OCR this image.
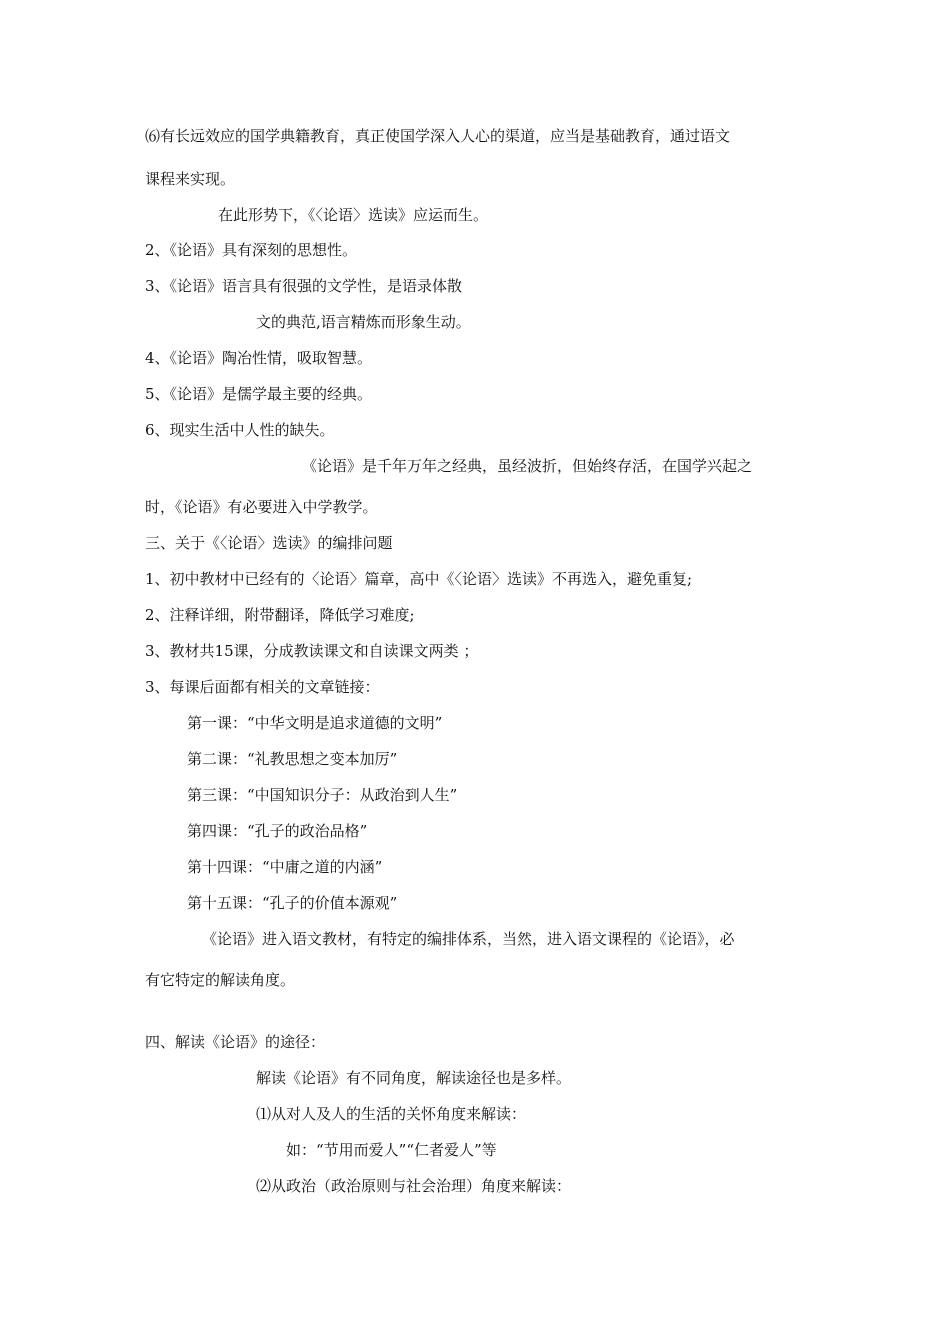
⑹有长远效应的国学典籍教育，真正使国学深入人心的渠道，应当是基础教育，通过语文
课程来实现。
在此形势下，《〈论语〉选读》应运而生。
2、《论语》具有深刻的思想性。
3、《论语》语言具有很强的文学性，是语录体散
文的典范,语言精炼而形象生动。
4、《论语》陶冶性情，吸取智慧。
5、《论语》是儒学最主要的经典。
6、现实生活中人性的缺失。
《论语》是千年万年之经典，虽经波折，但始终存活，在国学兴起之
时，《论语》有必要进入中学教学。
三、关于《〈论语〉选读》的编排问题
1、初中教材中已经有的〈论语〉篇章，高中《〈论语〉选读》不再选入，避免重复;
2、注释详细，附带翻译，降低学习难度;
3、教材共15课，分成教读课文和自读课文两类 ；
3、每课后面都有相关的文章链接：
第一课：“中华文明是追求道德的文明”
第二课：“礼教思想之变本加厉”
第三课：“中国知识分子：从政治到人生”
第四课：“孔子的政治品格”
第十四课：“中庸之道的内涵”
第十五课：“孔子的价值本源观”
《论语》进入语文教材，有特定的编排体系，当然，进入语文课程的《论语》，必
有它特定的解读角度。
四、解读《论语》的途径：
解读《论语》有不同角度，解读途径也是多样。
⑴从对人及人的生活的关怀角度来解读：
如：“节用而爱人”“仁者爱人”等
⑵从政治（政治原则与社会治理）角度来解读：
